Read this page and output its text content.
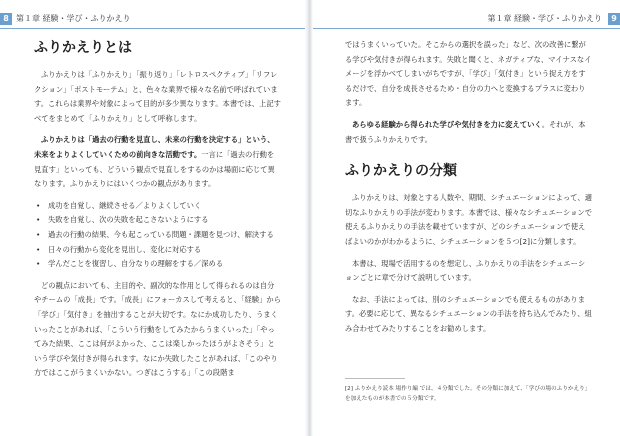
8 第１章 経験・学び・ふりかえり
ふりかえりとは

ふりかえりは「ふりかえり」「振り返り」「レトロスペクティブ」「リフレクション」「ポストモーテム」と、色々な業界で様々な名前で呼ばれています。これらは業界や対象によって目的が多少異なります。本書では、上記すべてをまとめて「ふりかえり」として呼称します。

ふりかえりは「過去の行動を見直し、未来の行動を決定する」という、未来をよりよくしていくための前向きな活動です。一言に「過去の行動を見直す」といっても、どういう観点で見直しをするのかは場面に応じて異なります。ふりかえりにはいくつかの観点があります。

• 成功を自覚し、継続させる／よりよくしていく
• 失敗を自覚し、次の失敗を起こさないようにする
• 過去の行動の結果、今も起こっている問題・課題を見つけ、解決する
• 日々の行動から変化を見出し、変化に対応する
• 学んだことを復習し、自分なりの理解をする／深める

どの観点においても、主目的や、副次的な作用として得られるのは自分やチームの「成長」です。「成長」にフォーカスして考えると、「経験」から「学び」「気付き」を抽出することが大切です。なにか成功したり、うまくいったことがあれば、「こういう行動をしてみたからうまくいった」「やってみた結果、ここは何がよかった、ここは楽しかったほうがよさそう」という学びや気付きが得られます。なにか失敗したことがあれば、「このやり方ではここがうまくいかない。つぎはこうする」「この段階ま

9
第１章 経験・学び・ふりかえり

ではうまくいっていた。そこからの選択を誤った」など、次の改善に繋がる学びや気付きが得られます。失敗と聞くと、ネガティブな、マイナスなイメージを浮かべてしまいがちですが、「学び」「気付き」という捉え方をするだけで、自分を成長させるため・自分の力へと変換するプラスに変わります。

あらゆる経験から得られた学びや気付きを力に変えていく。それが、本書で扱うふりかえりです。

ふりかえりの分類

ふりかえりは、対象とする人数や、期間、シチュエーションによって、適切なふりかえりの手法が変わります。本書では、様々なシチュエーションで使えるふりかえりの手法を載せていますが、どのシチュエーションで使えばよいのかがわかるように、シチュエーションを５つ[2]に分類します。

本書は、現場で活用するのを想定し、ふりかえりの手法をシチュエーションごとに章で分けて説明しています。

なお、手法によっては、別のシチュエーションでも使えるものがあります。必要に応じて、異なるシチュエーションの手法を持ち込んでみたり、組み合わせてみたりすることをお勧めします。

[2] ふりかえり読本 場作り編 では、４分類でした。その分類に加えて、「学びの場のふりかえり」を加えたものが本書での５分類です。
